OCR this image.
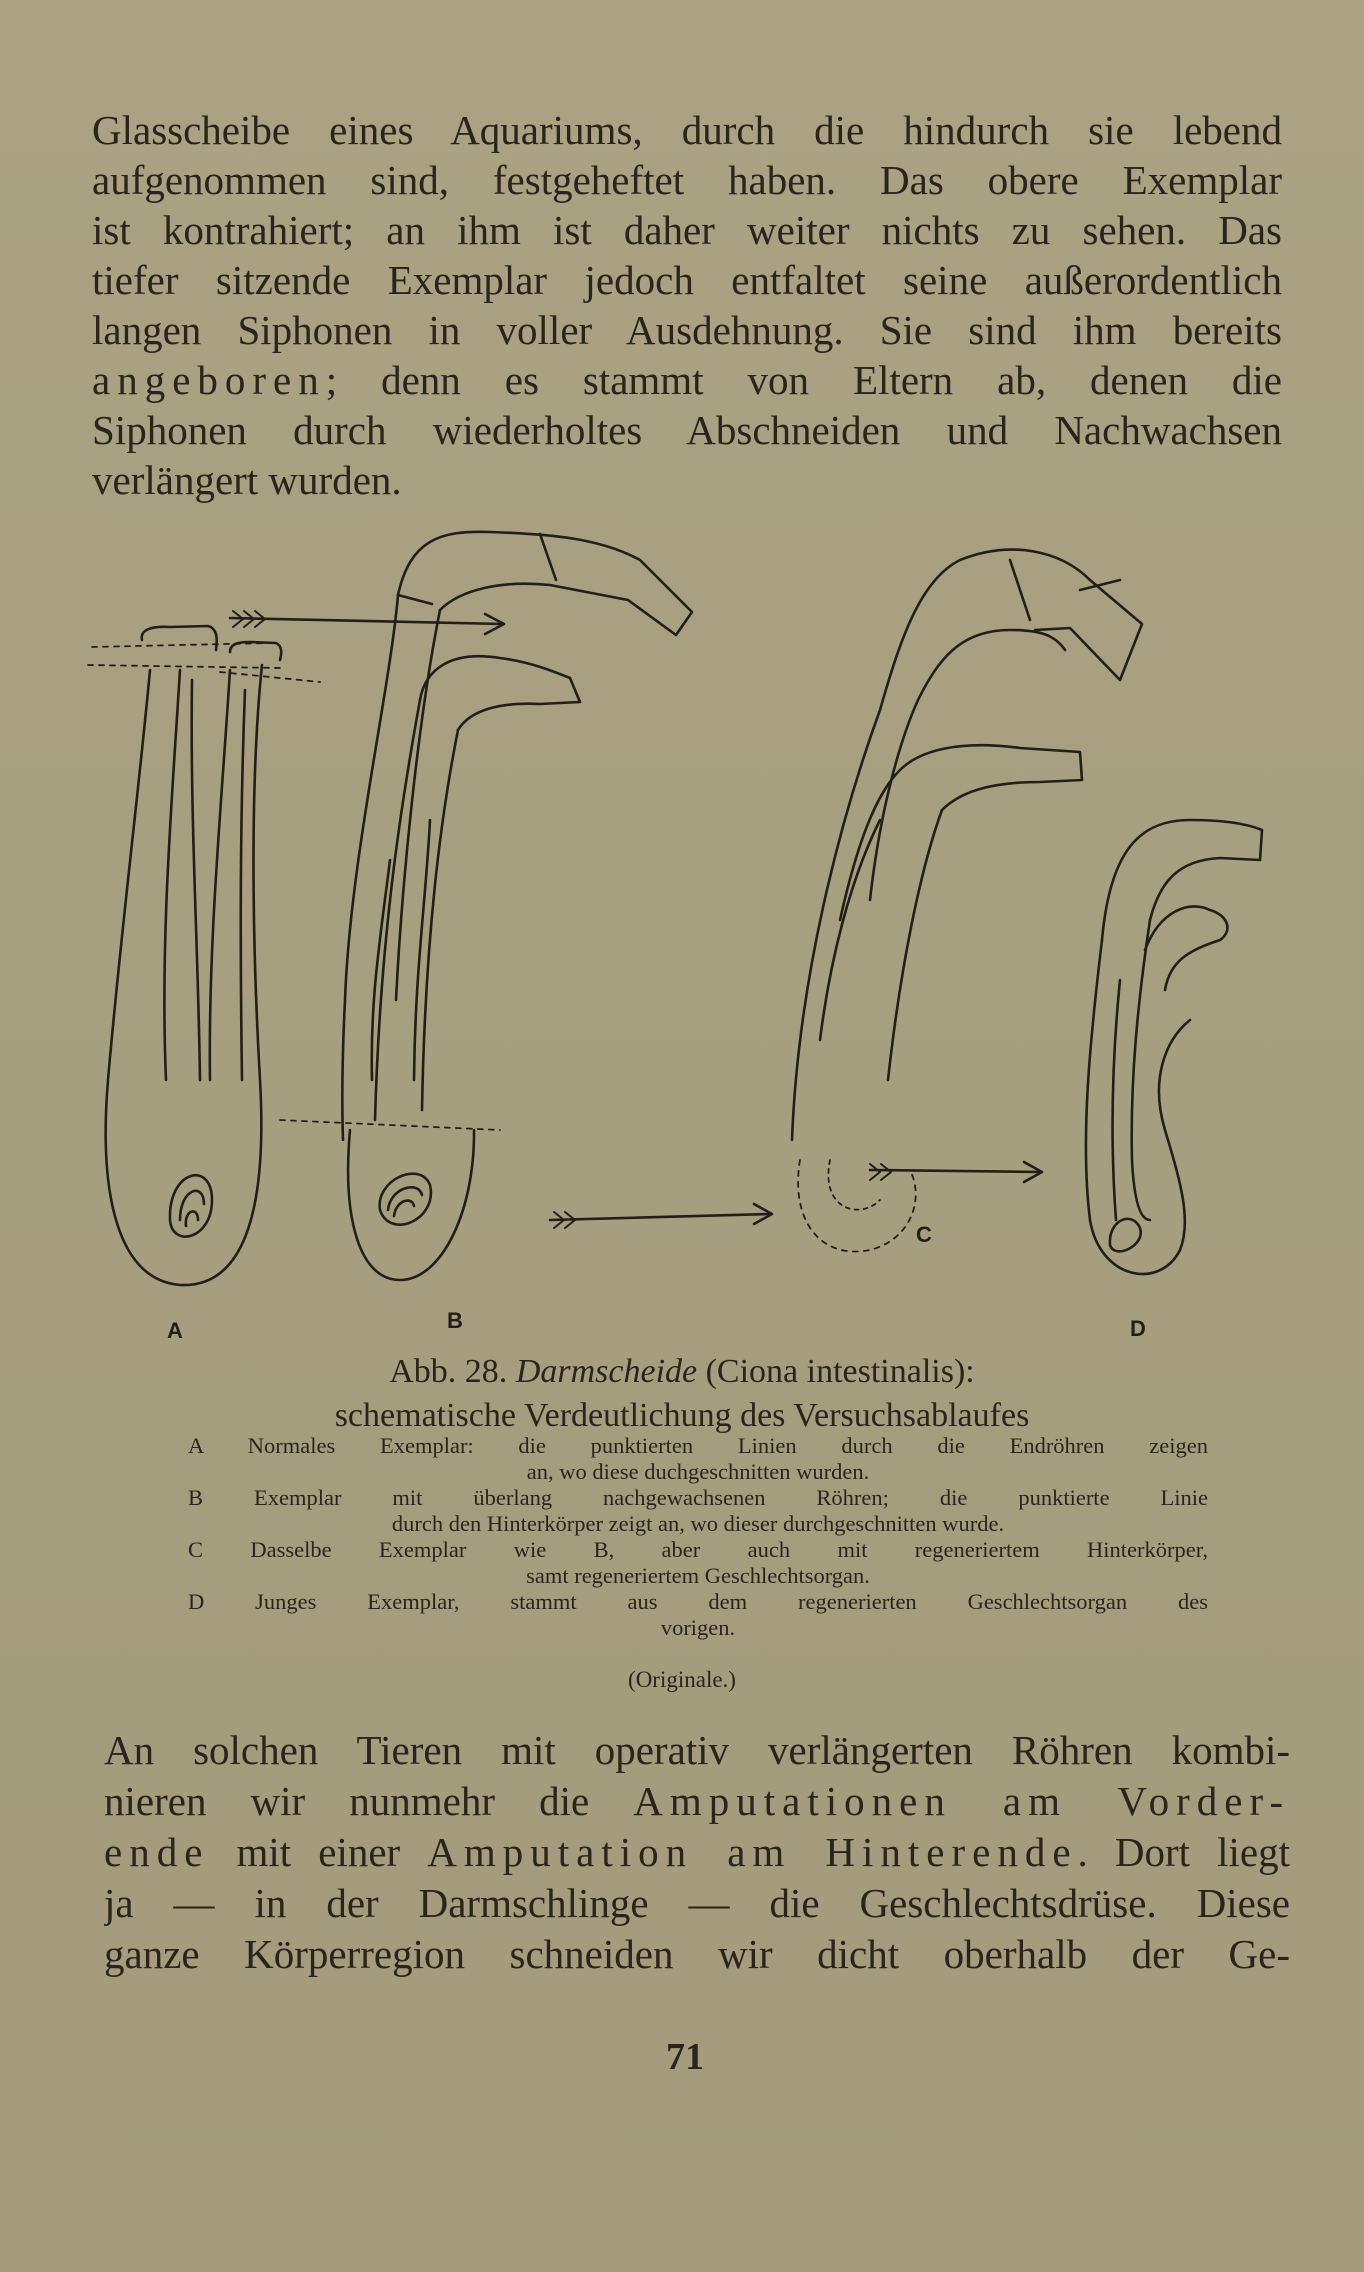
Glasscheibe eines Aquariums, durch die hindurch sie lebend
aufgenommen sind, festgeheftet haben. Das obere Exemplar
ist kontrahiert; an ihm ist daher weiter nichts zu sehen. Das
tiefer sitzende Exemplar jedoch entfaltet seine außerordentlich
langen Siphonen in voller Ausdehnung. Sie sind ihm bereits
angeboren; denn es stammt von Eltern ab, denen die
Siphonen durch wiederholtes Abschneiden und Nachwachsen
verlängert wurden.
A	B
C
D
Abb. 28. Darmscheide (Ciona intestinalis):
schematische Verdeutlichung des Versuchsablaufes
A Normales Exemplar: die punktierten Linien durch die Endröhren zeigen
an, wo diese duchgeschnitten wurden.
B Exemplar mit überlang nachgewachsenen Röhren; die punktierte Linie
durch den Hinterkörper zeigt an, wo dieser durchgeschnitten wurde.
C Dasselbe Exemplar wie B, aber auch mit regeneriertem Hinterkörper,
samt regeneriertem Geschlechtsorgan.
D Junges Exemplar, stammt aus dem regenerierten Geschlechtsorgan des
vorigen.
(Originale.)
An solchen Tieren mit operativ verlängerten Röhren kombi-
nieren wir nunmehr die Amputationen am Vorder-
ende mit einer Amputation am Hinterende. Dort liegt
ja — in der Darmschlinge — die Geschlechtsdrüse. Diese
ganze Körperregion schneiden wir dicht oberhalb der Ge-
71
